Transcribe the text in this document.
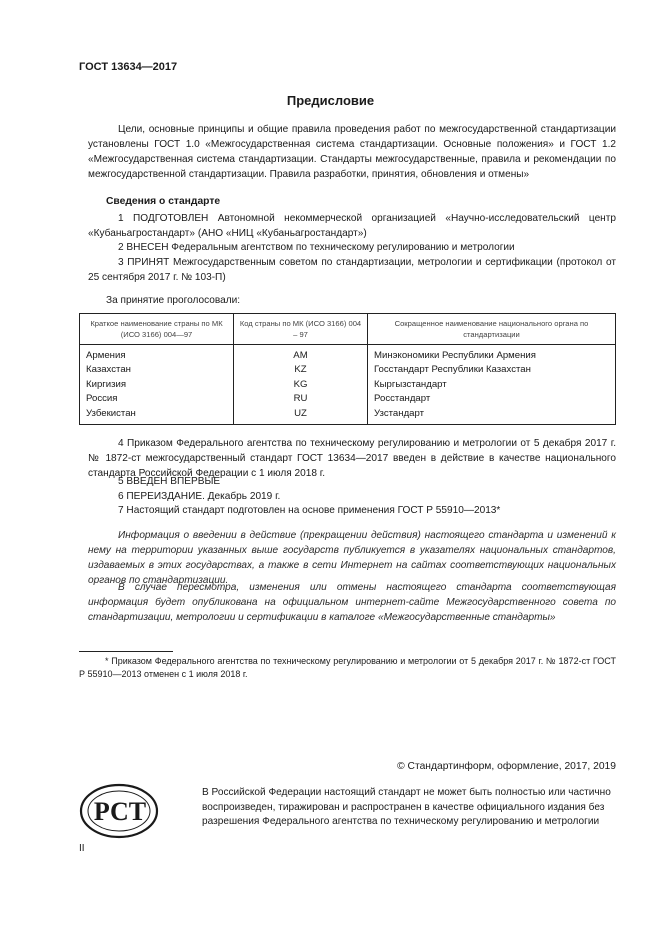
ГОСТ 13634—2017
Предисловие
Цели, основные принципы и общие правила проведения работ по межгосударственной стандартизации установлены ГОСТ 1.0 «Межгосударственная система стандартизации. Основные положения» и ГОСТ 1.2 «Межгосударственная система стандартизации. Стандарты межгосударственные, правила и рекомендации по межгосударственной стандартизации. Правила разработки, принятия, обновления и отмены»
Сведения о стандарте
1 ПОДГОТОВЛЕН Автономной некоммерческой организацией «Научно-исследовательский центр «Кубаньагростандарт» (АНО «НИЦ «Кубаньагростандарт»)
2 ВНЕСЕН Федеральным агентством по техническому регулированию и метрологии
3 ПРИНЯТ Межгосударственным советом по стандартизации, метрологии и сертификации (протокол от 25 сентября 2017 г. № 103-П)
За принятие проголосовали:
Краткое наименование страны по МК (ИСО 3166) 004—97	Код страны по МК (ИСО 3166) 004 – 97	Сокращенное наименование национального органа по стандартизации
Армения	AM	Минэкономики Республики Армения
Казахстан	KZ	Госстандарт Республики Казахстан
Киргизия	KG	Кыргызстандарт
Россия	RU	Росстандарт
Узбекистан	UZ	Узстандарт
4 Приказом Федерального агентства по техническому регулированию и метрологии от 5 декабря 2017 г. № 1872-ст межгосударственный стандарт ГОСТ 13634—2017 введен в действие в качестве национального стандарта Российской Федерации с 1 июля 2018 г.
5 ВВЕДЕН ВПЕРВЫЕ
6 ПЕРЕИЗДАНИЕ. Декабрь 2019 г.
7 Настоящий стандарт подготовлен на основе применения ГОСТ Р 55910—2013*
Информация о введении в действие (прекращении действия) настоящего стандарта и изменений к нему на территории указанных выше государств публикуется в указателях национальных стандартов, издаваемых в этих государствах, а также в сети Интернет на сайтах соответствующих национальных органов по стандартизации.
В случае пересмотра, изменения или отмены настоящего стандарта соответствующая информация будет опубликована на официальном интернет-сайте Межгосударственного совета по стандартизации, метрологии и сертификации в каталоге «Межгосударственные стандарты»
* Приказом Федерального агентства по техническому регулированию и метрологии от 5 декабря 2017 г. № 1872-ст ГОСТ Р 55910—2013 отменен с 1 июля 2018 г.
© Стандартинформ, оформление, 2017, 2019
РСТ
В Российской Федерации настоящий стандарт не может быть полностью или частично воспроизведен, тиражирован и распространен в качестве официального издания без разрешения Федерального агентства по техническому регулированию и метрологии
II
